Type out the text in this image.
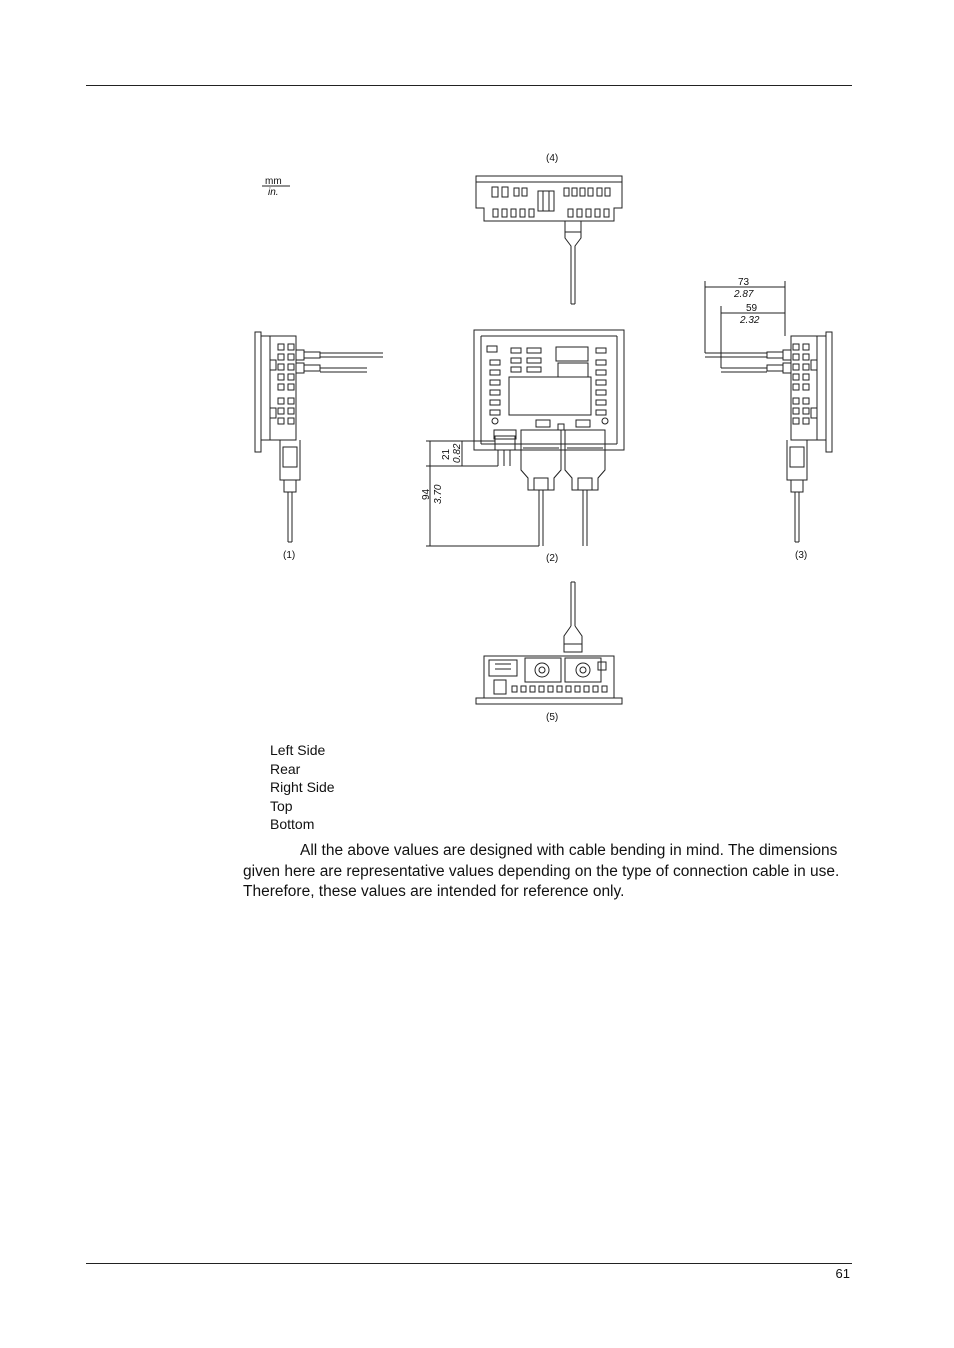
mm
in.
(4)
(1)	(2)	(3)
(5)
73
2.87
59
2.32
21 0.82
94 3.70
Left Side
Rear
Right Side
Top
Bottom

All the above values are designed with cable bending in mind. The dimensions given here are representative values depending on the type of connection cable in use. Therefore, these values are intended for reference only.

61
